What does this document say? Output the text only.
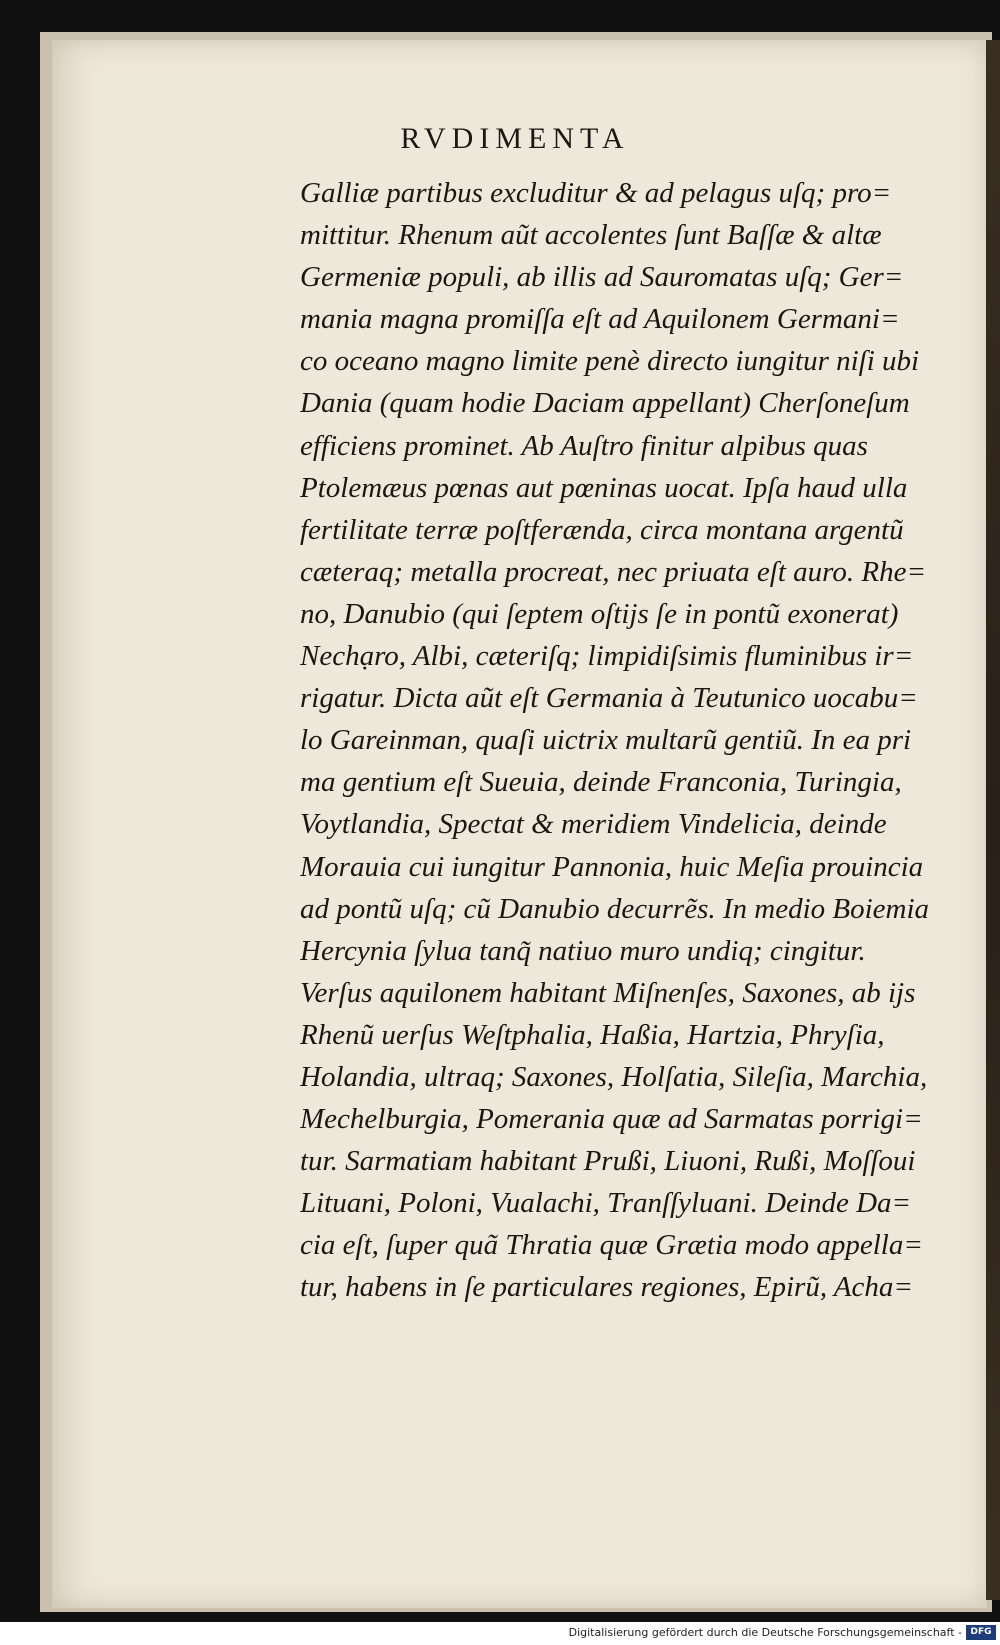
RVDIMENTA
Galliæ partibus excluditur & ad pelagus uſq; pro=
mittitur. Rhenum aũt accolentes ſunt Baſſæ & altæ
Germeniæ populi, ab illis ad Sauromatas uſq; Ger=
mania magna promiſſa eſt ad Aquilonem Germani=
co oceano magno limite penè directo iungitur niſi ubi
Dania (quam hodie Daciam appellant) Cherſoneſum
efficiens prominet. Ab Auſtro finitur alpibus quas
Ptolemæus pœnas aut pœninas uocat. Ipſa haud ulla
fertilitate terræ poſtferænda, circa montana argentũ
cæteraq; metalla procreat, nec priuata eſt auro. Rhe=
no, Danubio (qui ſeptem oſtijs ſe in pontũ exonerat)
Nechạro, Albi, cæteriſq; limpidiſsimis fluminibus ir=
rigatur. Dicta aũt eſt Germania à Teutunico uocabu=
lo Gareinman, quaſi uictrix multarũ gentiũ. In ea pri
ma gentium eſt Sueuia, deinde Franconia, Turingia,
Voytlandia, Spectat & meridiem Vindelicia, deinde
Morauia cui iungitur Pannonia, huic Meſia prouincia
ad pontũ uſq; cũ Danubio decurrẽs. In medio Boiemia
Hercynia ſylua tanq̃ natiuo muro undiq; cingitur.
Verſus aquilonem habitant Miſnenſes, Saxones, ab ijs
Rhenũ uerſus Weſtphalia, Haßia, Hartzia, Phryſia,
Holandia, ultraq; Saxones, Holſatia, Sileſia, Marchia,
Mechelburgia, Pomerania quæ ad Sarmatas porrigi=
tur. Sarmatiam habitant Prußi, Liuoni, Rußi, Moſſoui
Lituani, Poloni, Vualachi, Tranſſyluani. Deinde Da=
cia eſt, ſuper quã Thratia quæ Grætia modo appella=
tur, habens in ſe particulares regiones, Epirũ, Acha=
Digitalisierung gefördert durch die Deutsche Forschungsgemeinschaft - DFG
